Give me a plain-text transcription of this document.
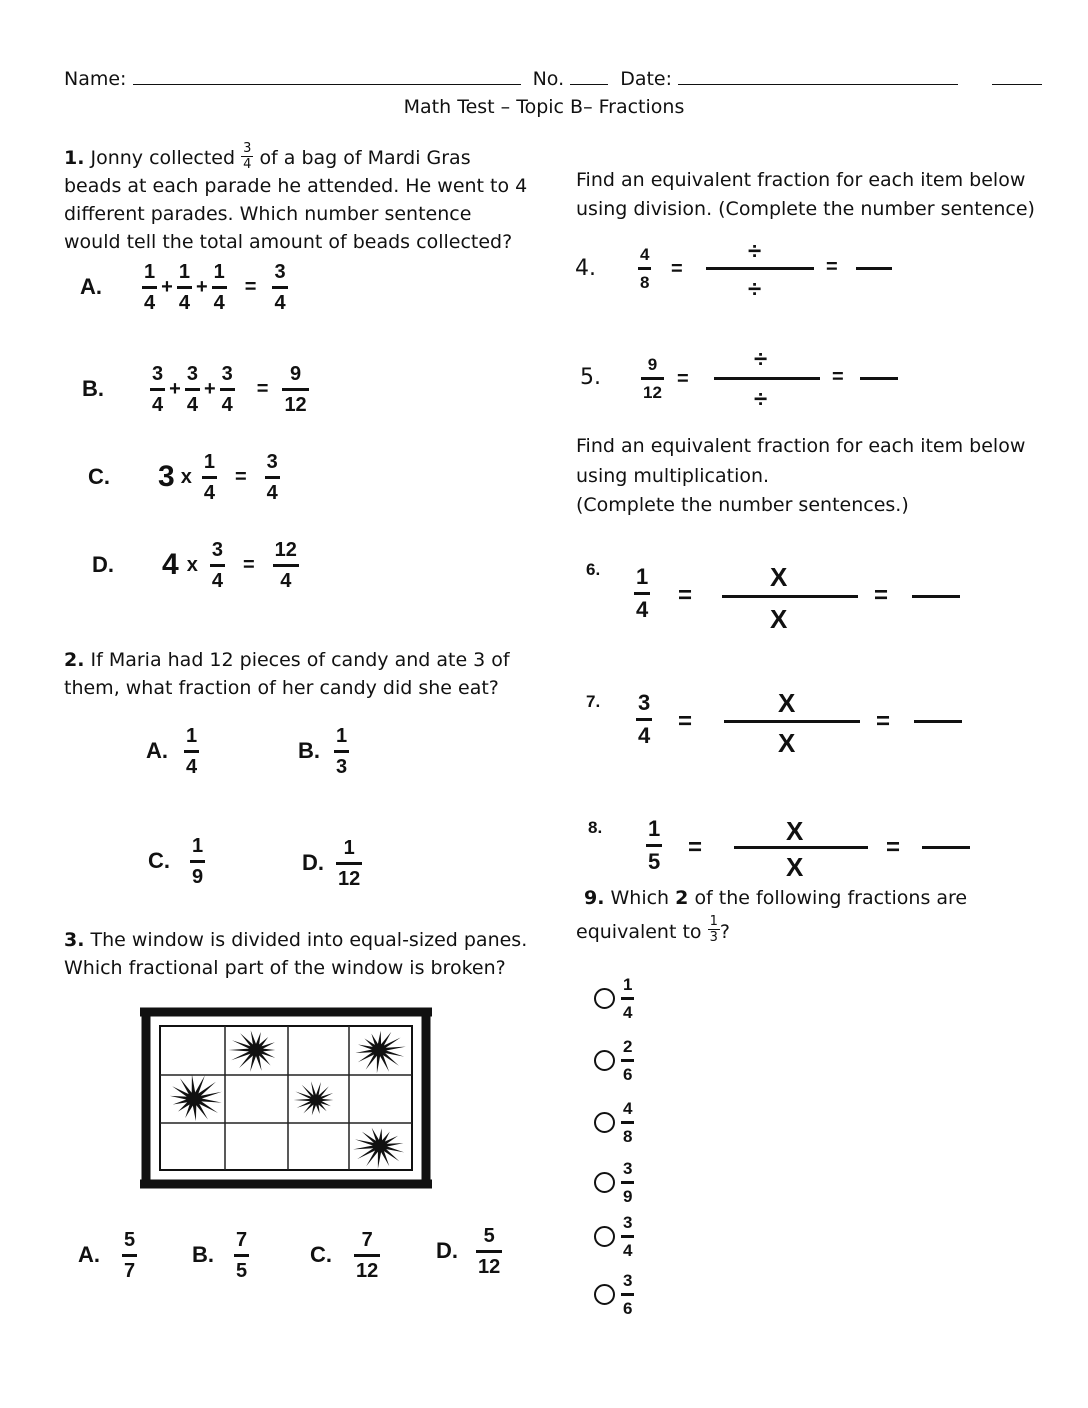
Name:	No.	Date:
Math Test – Topic B– Fractions
1. Jonny collected $\frac{3}{4}$ of a bag of Mardi Gras
beads at each parade he attended. He went to 4
different parades. Which number sentence
would tell the total amount of beads collected?
A.	$\frac{1}{4} + \frac{1}{4} + \frac{1}{4} = \frac{3}{4}$
B.	$\frac{3}{4} + \frac{3}{4} + \frac{3}{4} = \frac{9}{12}$
C.	3 x $\frac{1}{4} = \frac{3}{4}$
D.	4 x $\frac{3}{4} = \frac{12}{4}$
2. If Maria had 12 pieces of candy and ate 3 of
them, what fraction of her candy did she eat?
A. $\frac{1}{4}$	B. $\frac{1}{3}$
C.	$\frac{1}{9}$	D. $\frac{1}{12}$
3. The window is divided into equal-sized panes.
Which fractional part of the window is broken?
A.	$\frac{5}{7} B$.	$\frac{7}{5}$	C.	$\frac{7}{12}$	D. $\frac{5}{12}$
Find an equivalent fraction for each item below
using division. (Complete the number sentence)
4.
4
8
=
÷
÷
=
5.
9
12
=
÷
÷
=
Find an equivalent fraction for each item below
using multiplication.
(Complete the number sentences.)
6. 1
4 =
X
X
=
7. 3
4 =
X
X
=
8. 1
5 =
X
X
=
9. Which 2 of the following fractions are
equivalent to $\frac{1}{3}$ ?
$\frac{1}{4}$
$\frac{2}{6}$
$\frac{4}{8}$
$\frac{3}{9}$
$\frac{3}{4}$
$\frac{3}{6}$
